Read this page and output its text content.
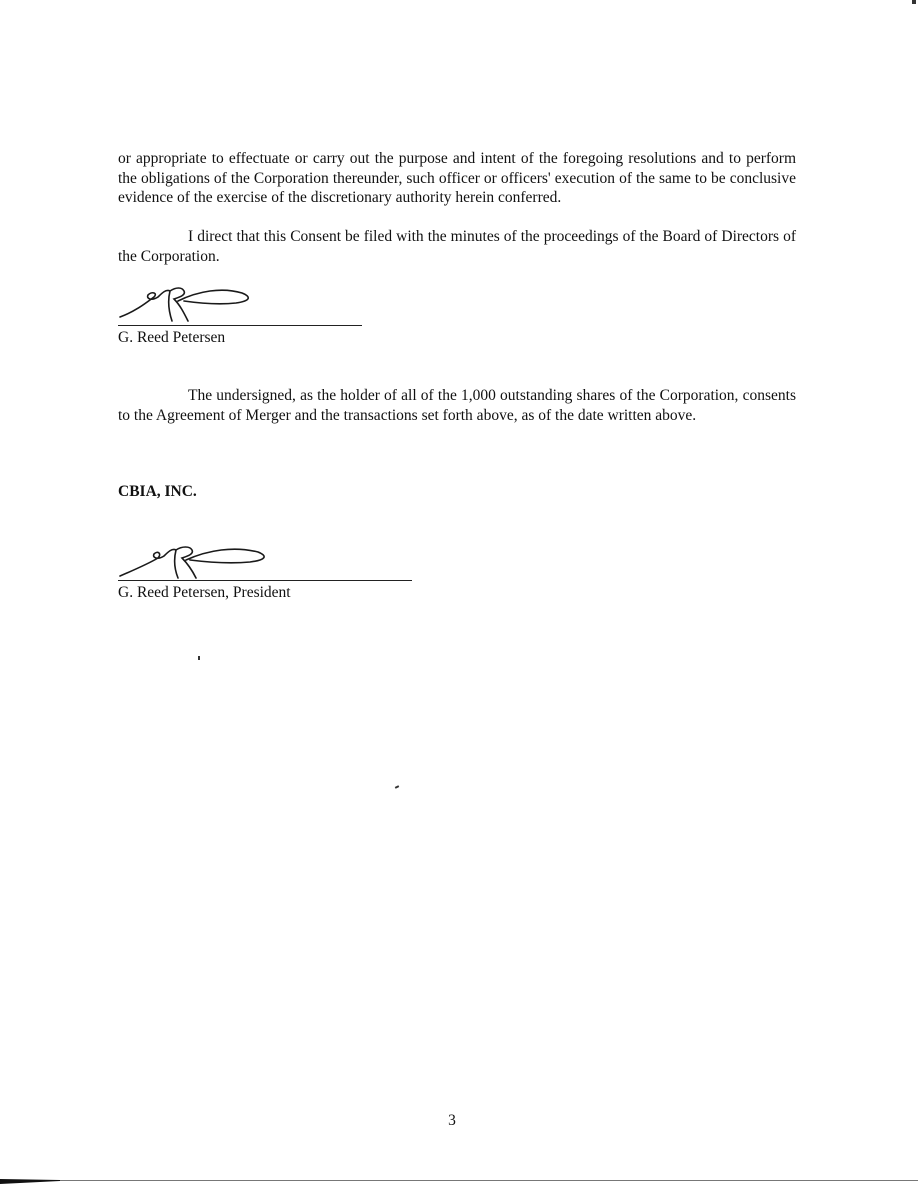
or appropriate to effectuate or carry out the purpose and intent of the foregoing resolutions and to perform the obligations of the Corporation thereunder, such officer or officers' execution of the same to be conclusive evidence of the exercise of the discretionary authority herein conferred.

I direct that this Consent be filed with the minutes of the proceedings of the Board of Directors of the Corporation.

G. Reed Petersen

The undersigned, as the holder of all of the 1,000 outstanding shares of the Corporation, consents to the Agreement of Merger and the transactions set forth above, as of the date written above.

CBIA, INC.
G. Reed Petersen, President
3
